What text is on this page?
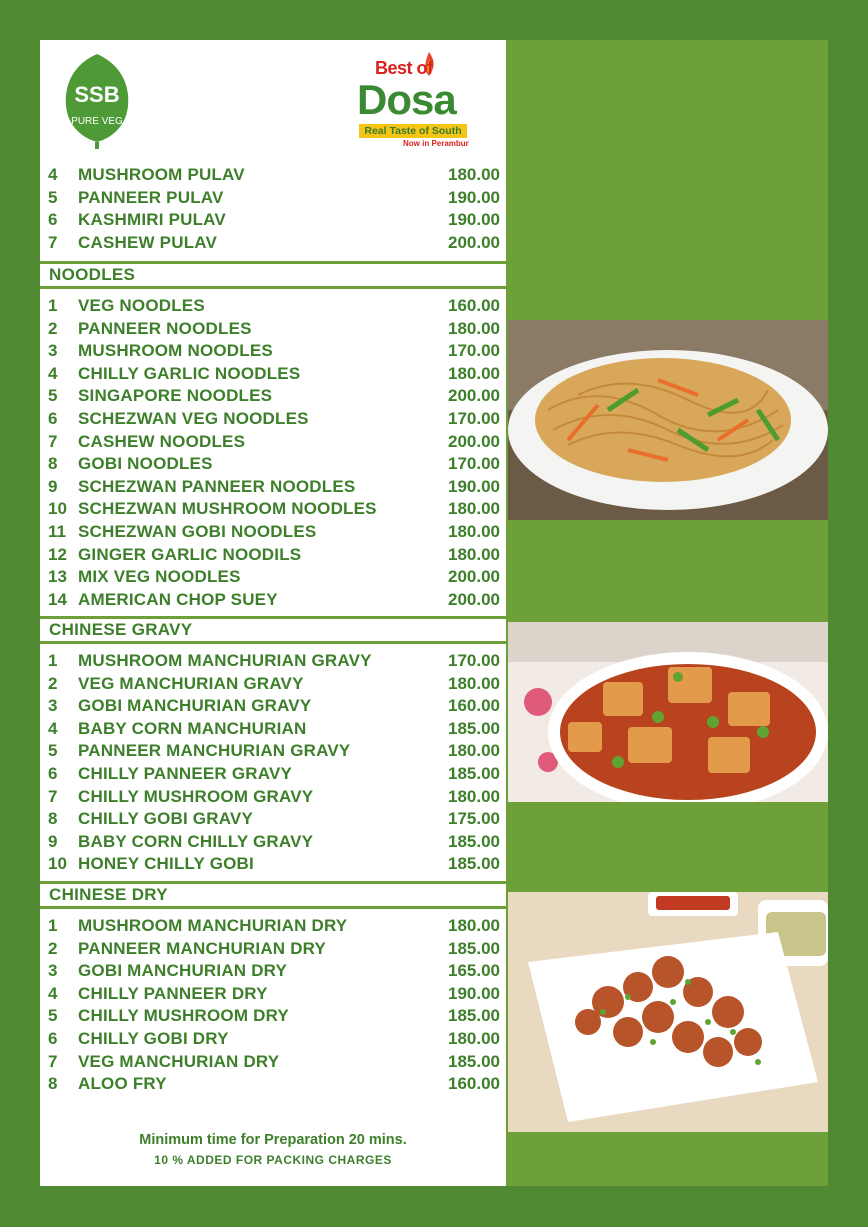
SSB
PURE VEG
Best of
Dosa
Real Taste of South
Now in Perambur
4	MUSHROOM PULAV	180.00
5	PANNEER PULAV	190.00
6	KASHMIRI PULAV	190.00
7	CASHEW PULAV	200.00
NOODLES
1	VEG NOODLES	160.00
2	PANNEER NOODLES	180.00
3	MUSHROOM NOODLES	170.00
4	CHILLY GARLIC NOODLES	180.00
5	SINGAPORE NOODLES	200.00
6	SCHEZWAN VEG NOODLES	170.00
7	CASHEW NOODLES	200.00
8	GOBI NOODLES	170.00
9	SCHEZWAN PANNEER NOODLES	190.00
10 SCHEZWAN MUSHROOM NOODLES	180.00
11 SCHEZWAN GOBI NOODLES	180.00
12 GINGER GARLIC NOODILS	180.00
13 MIX VEG NOODLES	200.00
14 AMERICAN CHOP SUEY	200.00
CHINESE GRAVY
1	MUSHROOM MANCHURIAN GRAVY	170.00
2	VEG MANCHURIAN GRAVY	180.00
3	GOBI MANCHURIAN GRAVY	160.00
4	BABY CORN MANCHURIAN	185.00
5	PANNEER MANCHURIAN GRAVY	180.00
6	CHILLY PANNEER GRAVY	185.00
7	CHILLY MUSHROOM GRAVY	180.00
8	CHILLY GOBI GRAVY	175.00
9	BABY CORN CHILLY GRAVY	185.00
10 HONEY CHILLY GOBI	185.00
CHINESE DRY
1	MUSHROOM MANCHURIAN DRY	180.00
2	PANNEER MANCHURIAN DRY	185.00
3	GOBI MANCHURIAN DRY	165.00
4	CHILLY PANNEER DRY	190.00
5	CHILLY MUSHROOM DRY	185.00
6	CHILLY GOBI DRY	180.00
7	VEG MANCHURIAN DRY	185.00
8	ALOO FRY	160.00
Minimum time for Preparation 20 mins.
10 % ADDED FOR PACKING CHARGES
